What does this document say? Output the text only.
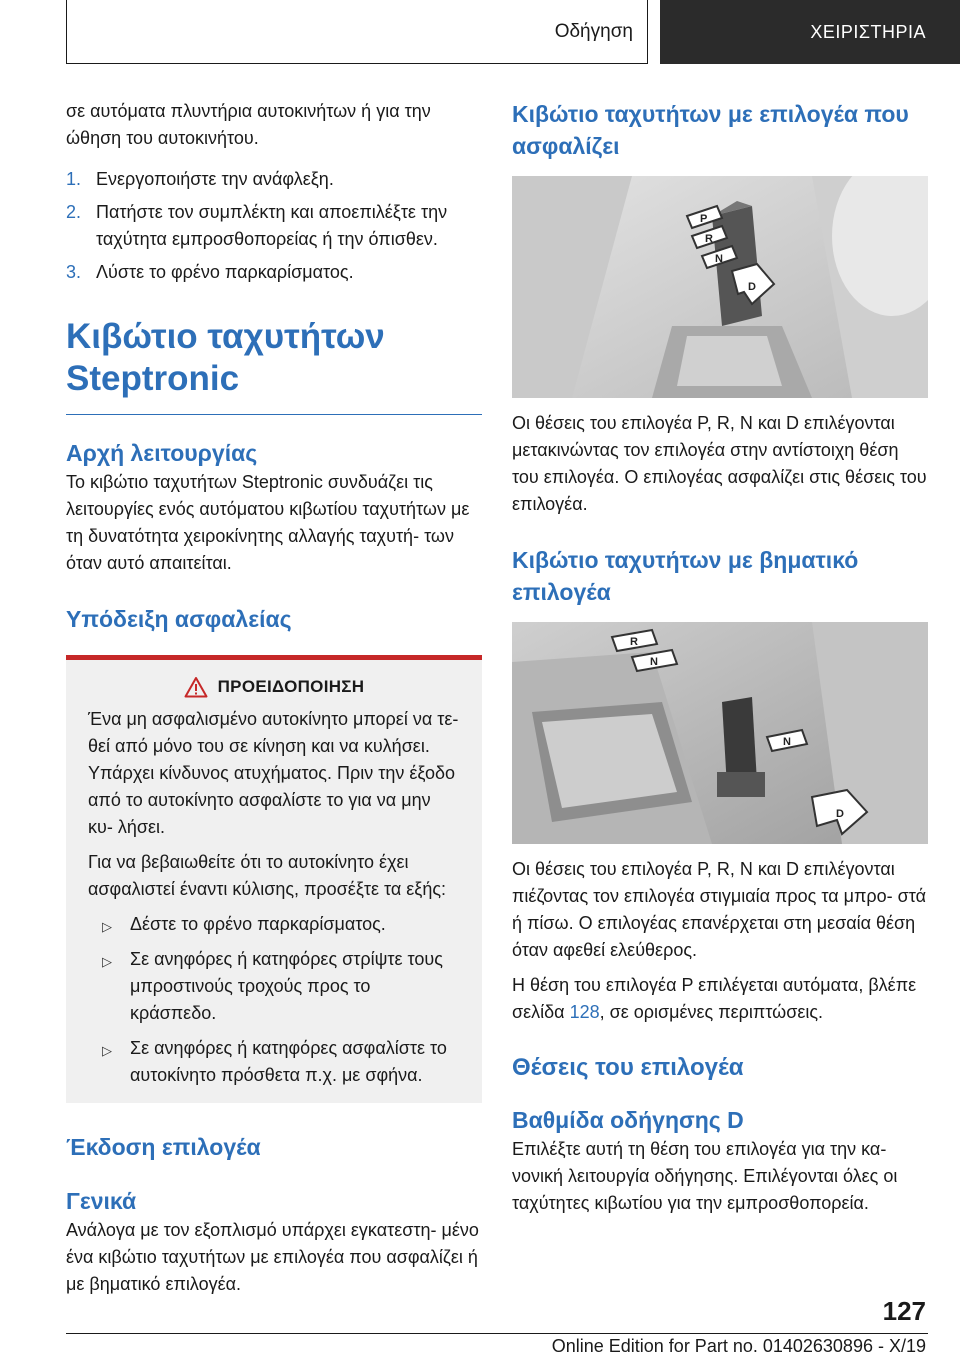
Οδήγηση	ΧΕΙΡΙΣΤΗΡΙΑ

σε αυτόματα πλυντήρια αυτοκινήτων ή για την ώθηση του αυτοκινήτου.

1. Ενεργοποιήστε την ανάφλεξη.
2. Πατήστε τον συμπλέκτη και αποεπιλέξτε την ταχύτητα εμπροσθοπορείας ή την όπισθεν.
3. Λύστε το φρένο παρκαρίσματος.
Κιβώτιο ταχυτήτων Steptronic
Αρχή λειτουργίας

Το κιβώτιο ταχυτήτων Steptronic συνδυάζει τις λειτουργίες ενός αυτόματου κιβωτίου ταχυτήτων με τη δυνατότητα χειροκίνητης αλλαγής ταχυτή- των όταν αυτό απαιτείται.

Υπόδειξη ασφαλείας
ΠΡΟΕΙΔΟΠΟΙΗΣΗ

Ένα μη ασφαλισμένο αυτοκίνητο μπορεί να τε- θεί από μόνο του σε κίνηση και να κυλήσει. Υπάρχει κίνδυνος ατυχήματος. Πριν την έξοδο από το αυτοκίνητο ασφαλίστε το για να μην κυ- λήσει.

Για να βεβαιωθείτε ότι το αυτοκίνητο έχει ασφαλιστεί έναντι κύλισης, προσέξτε τα εξής:

▷ Δέστε το φρένο παρκαρίσματος.
▷ Σε ανηφόρες ή κατηφόρες στρίψτε τους μπροστινούς τροχούς προς το κράσπεδο.
▷ Σε ανηφόρες ή κατηφόρες ασφαλίστε το αυτοκίνητο πρόσθετα π.χ. με σφήνα.
Έκδοση επιλογέα
Γενικά

Ανάλογα με τον εξοπλισμό υπάρχει εγκατεστη- μένο ένα κιβώτιο ταχυτήτων με επιλογέα που ασφαλίζει ή με βηματικό επιλογέα.

Κιβώτιο ταχυτήτων με επιλογέα που ασφαλίζει
P
R
N
D

Οι θέσεις του επιλογέα P, R, N και D επιλέγονται μετακινώντας τον επιλογέα στην αντίστοιχη θέση του επιλογέα. Ο επιλογέας ασφαλίζει στις θέσεις του επιλογέα.

Κιβώτιο ταχυτήτων με βηματικό επιλογέα
R
N
N
D

Οι θέσεις του επιλογέα P, R, N και D επιλέγονται πιέζοντας τον επιλογέα στιγμιαία προς τα μπρο- στά ή πίσω. Ο επιλογέας επανέρχεται στη μεσαία θέση όταν αφεθεί ελεύθερος.

Η θέση του επιλογέα P επιλέγεται αυτόματα, βλέπε σελίδα 128, σε ορισμένες περιπτώσεις.

Θέσεις του επιλογέα
Βαθμίδα οδήγησης D

Επιλέξτε αυτή τη θέση του επιλογέα για την κα- νονική λειτουργία οδήγησης. Επιλέγονται όλες οι ταχύτητες κιβωτίου για την εμπροσθοπορεία.

127
Online Edition for Part no. 01402630896 - X/19
